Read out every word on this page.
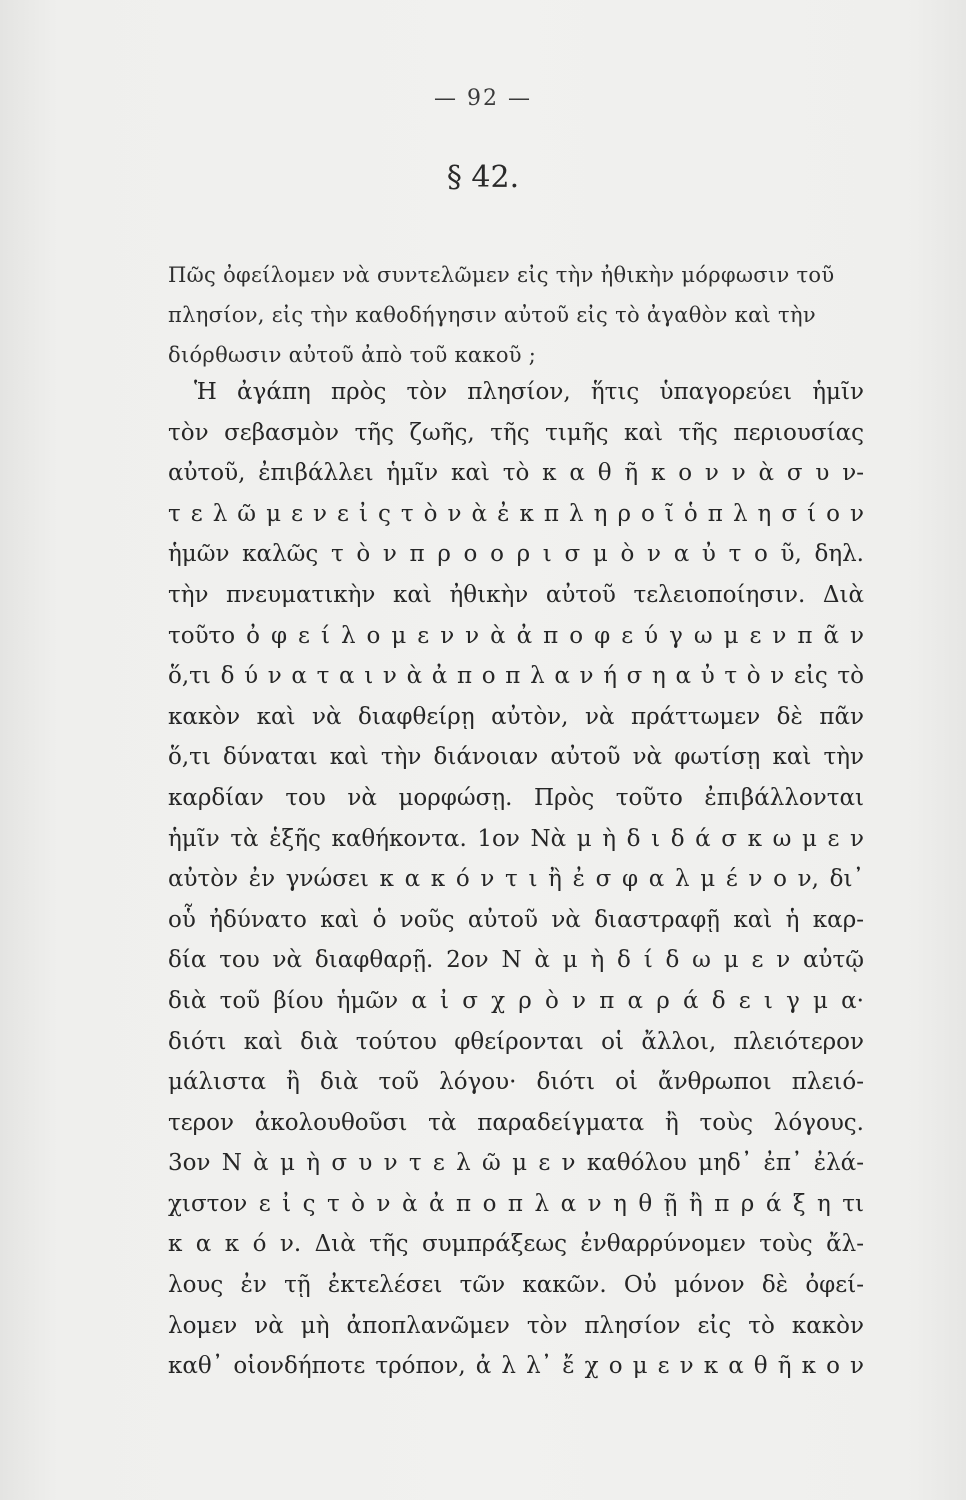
— 92 —
§ 42.
Πῶς ὀφείλομεν νὰ συντελῶμεν εἰς τὴν ἠθικὴν μόρφωσιν τοῦ
πλησίον, εἰς τὴν καθοδήγησιν αὐτοῦ εἰς τὸ ἀγαθὸν καὶ τὴν
διόρθωσιν αὐτοῦ ἀπὸ τοῦ κακοῦ ;
Ἡ ἀγάπη πρὸς τὸν πλησίον, ἥτις ὑπαγορεύει ἡμῖν
τὸν σεβασμὸν τῆς ζωῆς, τῆς τιμῆς καὶ τῆς περιουσίας
αὐτοῦ, ἐπιβάλλει ἡμῖν καὶ τὸ κ α θ ῆ κ ο ν ν ὰ σ υ ν-
τ ε λ ῶ μ ε ν ε ἰ ς τ ὸ ν ὰ ἐ κ π λ η ρ ο ῖ ὁ π λ η σ ί ο ν
ἡμῶν καλῶς τ ὸ ν π ρ ο ο ρ ι σ μ ὸ ν α ὐ τ ο ῦ, δηλ.
τὴν πνευματικὴν καὶ ἠθικὴν αὐτοῦ τελειοποίησιν. Διὰ
τοῦτο ὀ φ ε ί λ ο μ ε ν ν ὰ ἀ π ο φ ε ύ γ ω μ ε ν π ᾶ ν
ὅ,τι δ ύ ν α τ α ι ν ὰ ἀ π ο π λ α ν ή σ η α ὐ τ ὸ ν εἰς τὸ
κακὸν καὶ νὰ διαφθείρῃ αὐτὸν, νὰ πράττωμεν δὲ πᾶν
ὅ,τι δύναται καὶ τὴν διάνοιαν αὐτοῦ νὰ φωτίσῃ καὶ τὴν
καρδίαν του νὰ μορφώσῃ. Πρὸς τοῦτο ἐπιβάλλονται
ἡμῖν τὰ ἑξῆς καθήκοντα. 1ον Νὰ μ ὴ δ ι δ ά σ κ ω μ ε ν
αὐτὸν ἐν γνώσει κ α κ ό ν τ ι ἢ ἐ σ φ α λ μ έ ν ο ν, δι᾽
οὗ ἠδύνατο καὶ ὁ νοῦς αὐτοῦ νὰ διαστραφῇ καὶ ἡ καρ-
δία του νὰ διαφθαρῇ. 2ον Ν ὰ μ ὴ δ ί δ ω μ ε ν αὐτῷ
διὰ τοῦ βίου ἡμῶν α ἰ σ χ ρ ὸ ν π α ρ ά δ ε ι γ μ α·
διότι καὶ διὰ τούτου φθείρονται οἱ ἄλλοι, πλειότερον
μάλιστα ἢ διὰ τοῦ λόγου· διότι οἱ ἄνθρωποι πλειό-
τερον ἀκολουθοῦσι τὰ παραδείγματα ἢ τοὺς λόγους.
3ον Ν ὰ μ ὴ σ υ ν τ ε λ ῶ μ ε ν καθόλου μηδ᾽ ἐπ᾽ ἐλά-
χιστον ε ἰ ς τ ὸ ν ὰ ἀ π ο π λ α ν η θ ῇ ἢ π ρ ά ξ η τι
κ α κ ό ν. Διὰ τῆς συμπράξεως ἐνθαρρύνομεν τοὺς ἄλ-
λους ἐν τῇ ἐκτελέσει τῶν κακῶν. Οὐ μόνον δὲ ὀφεί-
λομεν νὰ μὴ ἀποπλανῶμεν τὸν πλησίον εἰς τὸ κακὸν
καθ᾽ οἱονδήποτε τρόπον, ἀ λ λ᾽ ἔ χ ο μ ε ν κ α θ ῆ κ ο ν
